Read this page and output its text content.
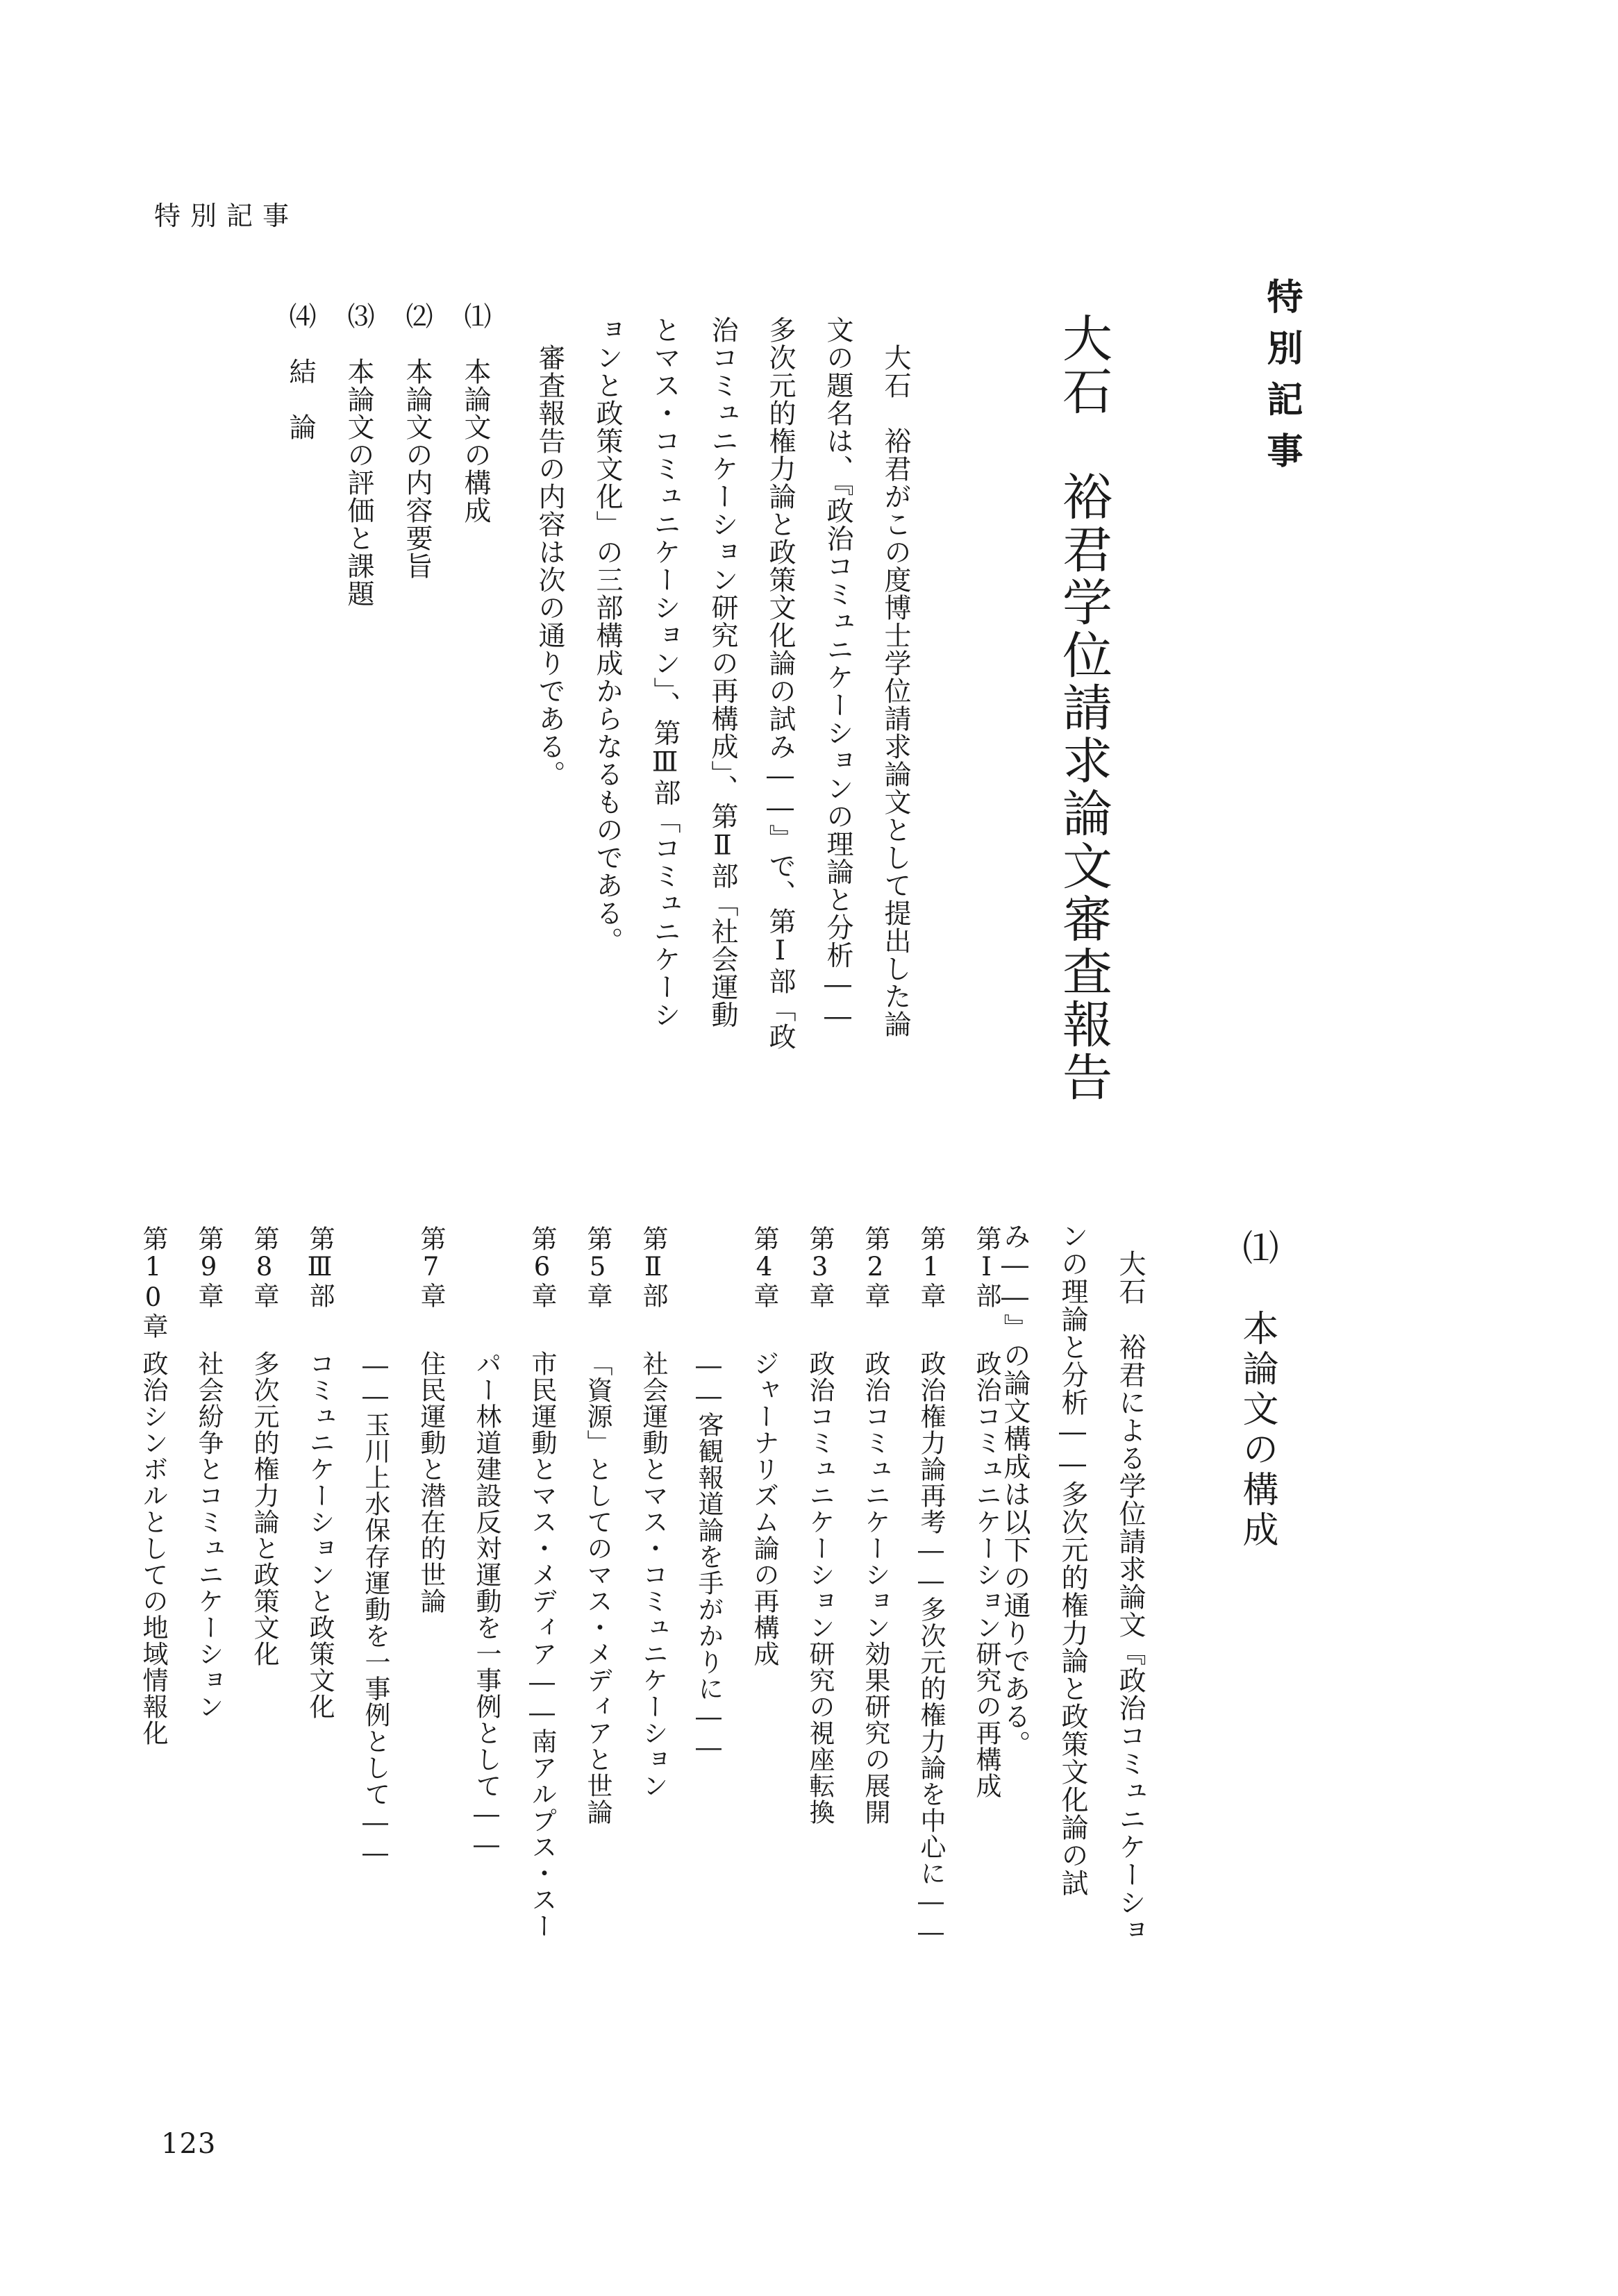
特別記事
特別記事
大石　裕君学位請求論文審査報告
　大石　裕君がこの度博士学位請求論文として提出した論
文の題名は、『政治コミュニケーションの理論と分析――
多次元的権力論と政策文化論の試み――』で、第Ⅰ部「政
治コミュニケーション研究の再構成」、第Ⅱ部「社会運動
とマス・コミュニケーション」、第Ⅲ部「コミュニケーシ
ョンと政策文化」の三部構成からなるものである。
　審査報告の内容は次の通りである。
⑴　本論文の構成
⑵　本論文の内容要旨
⑶　本論文の評価と課題
⑷　結　論
⑴　本論文の構成
　大石　裕君による学位請求論文『政治コミュニケーショ
ンの理論と分析――多次元的権力論と政策文化論の試
み――』の論文構成は以下の通りである。
第Ⅰ部政治コミュニケーション研究の再構成
第1章政治権力論再考――多次元的権力論を中心に――
第2章政治コミュニケーション効果研究の展開
第3章政治コミュニケーション研究の視座転換
第4章ジャーナリズム論の再構成
――客観報道論を手がかりに――
第Ⅱ部社会運動とマス・コミュニケーション
第5章「資源」としてのマス・メディアと世論
第6章市民運動とマス・メディア――南アルプス・スー
パー林道建設反対運動を一事例として――
第7章住民運動と潜在的世論
――玉川上水保存運動を一事例として――
第Ⅲ部コミュニケーションと政策文化
第8章多次元的権力論と政策文化
第9章社会紛争とコミュニケーション
第10章政治シンボルとしての地域情報化
123
